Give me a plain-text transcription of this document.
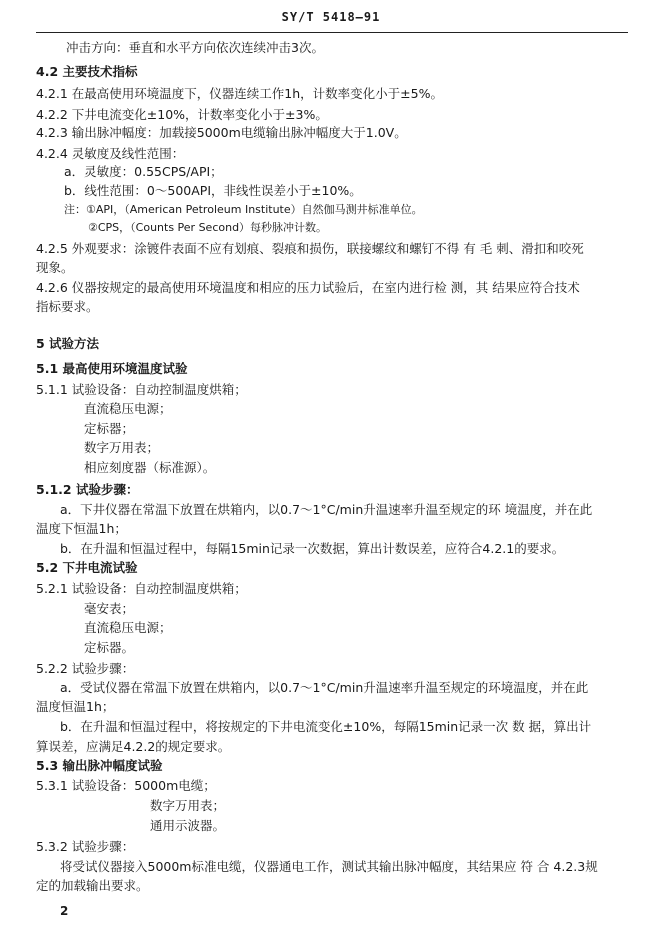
SY/T 5418—91
冲击方向：垂直和水平方向依次连续冲击3次。
4.2 主要技术指标
4.2.1 在最高使用环境温度下，仪器连续工作1h，计数率变化小于±5%。
4.2.2 下井电流变化±10%，计数率变化小于±3%。
4.2.3 输出脉冲幅度：加载接5000m电缆输出脉冲幅度大于1.0V。
4.2.4 灵敏度及线性范围：
a．灵敏度：0.55CPS/API；
b．线性范围：0～500API，非线性误差小于±10%。
注：①API，（American Petroleum Institute）自然伽马测井标准单位。
②CPS，（Counts Per Second）每秒脉冲计数。
4.2.5 外观要求：涂镀件表面不应有划痕、裂痕和损伤，联接螺纹和螺钉不得 有 毛 刺、滑扣和咬死
现象。
4.2.6 仪器按规定的最高使用环境温度和相应的压力试验后，在室内进行检 测，其 结果应符合技术
指标要求。
5 试验方法
5.1 最高使用环境温度试验
5.1.1 试验设备：自动控制温度烘箱；
直流稳压电源；
定标器；
数字万用表；
相应刻度器（标准源）。
5.1.2 试验步骤：
a．下井仪器在常温下放置在烘箱内，以0.7～1°C/min升温速率升温至规定的环 境温度，并在此
温度下恒温1h；
b．在升温和恒温过程中，每隔15min记录一次数据，算出计数误差，应符合4.2.1的要求。
5.2 下井电流试验
5.2.1 试验设备：自动控制温度烘箱；
毫安表；
直流稳压电源；
定标器。
5.2.2 试验步骤：
a．受试仪器在常温下放置在烘箱内，以0.7～1°C/min升温速率升温至规定的环境温度，并在此
温度恒温1h；
b．在升温和恒温过程中，将按规定的下井电流变化±10%，每隔15min记录一次 数 据，算出计
算误差，应满足4.2.2的规定要求。
5.3 输出脉冲幅度试验
5.3.1 试验设备：5000m电缆；
数字万用表；
通用示波器。
5.3.2 试验步骤：
将受试仪器接入5000m标准电缆，仪器通电工作，测试其输出脉冲幅度，其结果应 符 合 4.2.3规
定的加载输出要求。
2
